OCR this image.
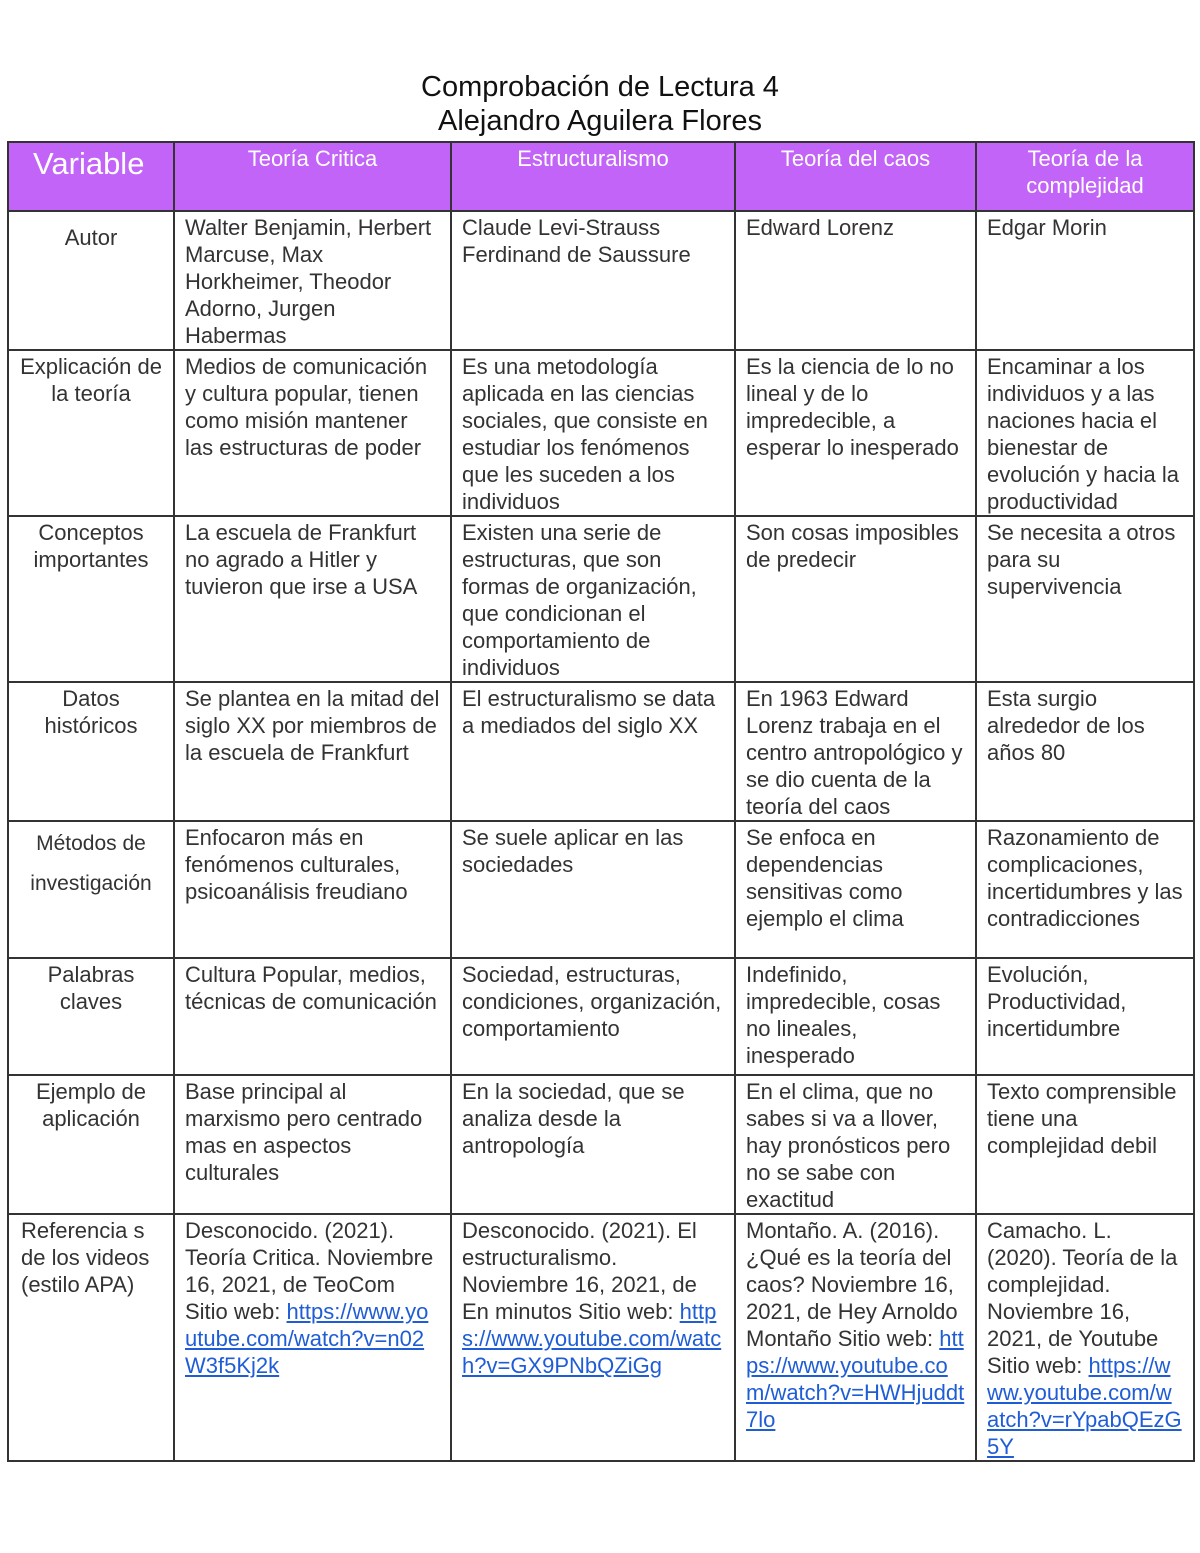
Comprobación de Lectura 4
Alejandro Aguilera Flores
Variable	Teoría Critica	Estructuralismo	Teoría del caos	Teoría de la complejidad
Autor	Walter Benjamin, Herbert Marcuse, Max Horkheimer, Theodor Adorno, Jurgen Habermas	Claude Levi-Strauss Ferdinand de Saussure	Edward Lorenz	Edgar Morin
Explicación de la teoría	Medios de comunicación y cultura popular, tienen como misión mantener las estructuras de poder	Es una metodología aplicada en las ciencias sociales, que consiste en estudiar los fenómenos que les suceden a los individuos	Es la ciencia de lo no lineal y de lo impredecible, a esperar lo inesperado	Encaminar a los individuos y a las naciones hacia el bienestar de evolución y hacia la productividad
Conceptos importantes	La escuela de Frankfurt no agrado a Hitler y tuvieron que irse a USA	Existen una serie de estructuras, que son formas de organización, que condicionan el comportamiento de individuos	Son cosas imposibles de predecir	Se necesita a otros para su supervivencia
Datos históricos	Se plantea en la mitad del siglo XX por miembros de la escuela de Frankfurt	El estructuralismo se data a mediados del siglo XX	En 1963 Edward Lorenz trabaja en el centro antropológico y se dio cuenta de la teoría del caos	Esta surgio alrededor de los años 80
Métodos de investigación	Enfocaron más en fenómenos culturales, psicoanálisis freudiano	Se suele aplicar en las sociedades	Se enfoca en dependencias sensitivas como ejemplo el clima	Razonamiento de complicaciones, incertidumbres y las contradicciones
Palabras claves	Cultura Popular, medios, técnicas de comunicación	Sociedad, estructuras, condiciones, organización, comportamiento	Indefinido, impredecible, cosas no lineales, inesperado	Evolución, Productividad, incertidumbre
Ejemplo de aplicación	Base principal al marxismo pero centrado mas en aspectos culturales	En la sociedad, que se analiza desde la antropología	En el clima, que no sabes si va a llover, hay pronósticos pero no se sabe con exactitud	Texto comprensible tiene una complejidad debil
Referencia s de los videos (estilo APA)	Desconocido. (2021). Teoría Critica. Noviembre 16, 2021, de TeoCom Sitio web: https://www.youtube.com/watch?v=n02W3f5Kj2k	Desconocido. (2021). El estructuralismo. Noviembre 16, 2021, de En minutos Sitio web: https://www.youtube.com/watch?v=GX9PNbQZiGg	Montaño. A. (2016). ¿Qué es la teoría del caos? Noviembre 16, 2021, de Hey Arnoldo Montaño Sitio web: https://www.youtube.com/watch?v=HWHjuddt7lo	Camacho. L. (2020). Teoría de la complejidad. Noviembre 16, 2021, de Youtube Sitio web: https://www.youtube.com/watch?v=rYpabQEzG5Y
